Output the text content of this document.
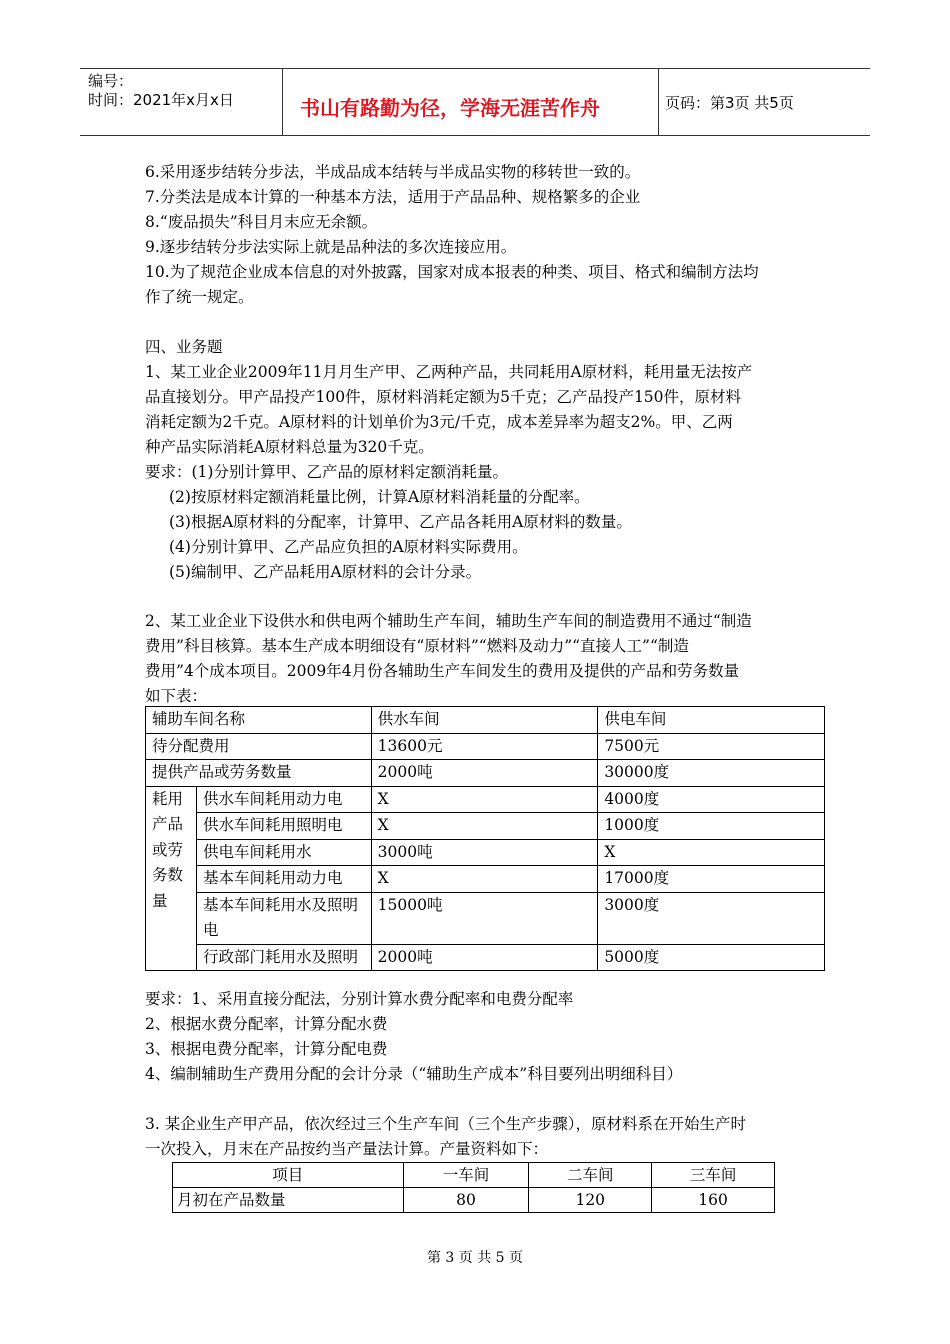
编号：
时间：2021年x月x日	书山有路勤为径，学海无涯苦作舟	页码：第3页 共5页
6.采用逐步结转分步法，半成品成本结转与半成品实物的移转世一致的。
7.分类法是成本计算的一种基本方法，适用于产品品种、规格繁多的企业
8.“废品损失”科目月末应无余额。
9.逐步结转分步法实际上就是品种法的多次连接应用。
10.为了规范企业成本信息的对外披露，国家对成本报表的种类、项目、格式和编制方法均
作了统一规定。
四、业务题
1、某工业企业2009年11月月生产甲、乙两种产品，共同耗用A原材料，耗用量无法按产
品直接划分。甲产品投产100件，原材料消耗定额为5千克；乙产品投产150件，原材料
消耗定额为2千克。A原材料的计划单价为3元/千克，成本差异率为超支2%。甲、乙两
种产品实际消耗A原材料总量为320千克。
要求：(1)分别计算甲、乙产品的原材料定额消耗量。
(2)按原材料定额消耗量比例，计算A原材料消耗量的分配率。
(3)根据A原材料的分配率，计算甲、乙产品各耗用A原材料的数量。
(4)分别计算甲、乙产品应负担的A原材料实际费用。
(5)编制甲、乙产品耗用A原材料的会计分录。
2、某工业企业下设供水和供电两个辅助生产车间，辅助生产车间的制造费用不通过“制造
费用”科目核算。基本生产成本明细设有“原材料”“燃料及动力”“直接人工”“制造
费用”4个成本项目。2009年4月份各辅助生产车间发生的费用及提供的产品和劳务数量
如下表：
辅助车间名称		供水车间	供电车间
待分配费用		13600元	7500元
提供产品或劳务数量		2000吨	30000度

耗用
产品
或劳
务数
量	供水车间耗用动力电	X	4000度
	供水车间耗用照明电	X	1000度
	供电车间耗用水	3000吨	X
	基本车间耗用动力电	X	17000度
	基本车间耗用水及照明电	15000吨	3000度
	行政部门耗用水及照明	2000吨	5000度
要求：1、采用直接分配法，分别计算水费分配率和电费分配率
2、根据水费分配率，计算分配水费
3、根据电费分配率，计算分配电费
4、编制辅助生产费用分配的会计分录（“辅助生产成本”科目要列出明细科目）
3. 某企业生产甲产品，依次经过三个生产车间（三个生产步骤），原材料系在开始生产时
一次投入，月末在产品按约当产量法计算。产量资料如下：
项目	一车间	二车间	三车间
月初在产品数量	80	120	160
第 3 页 共 5 页
